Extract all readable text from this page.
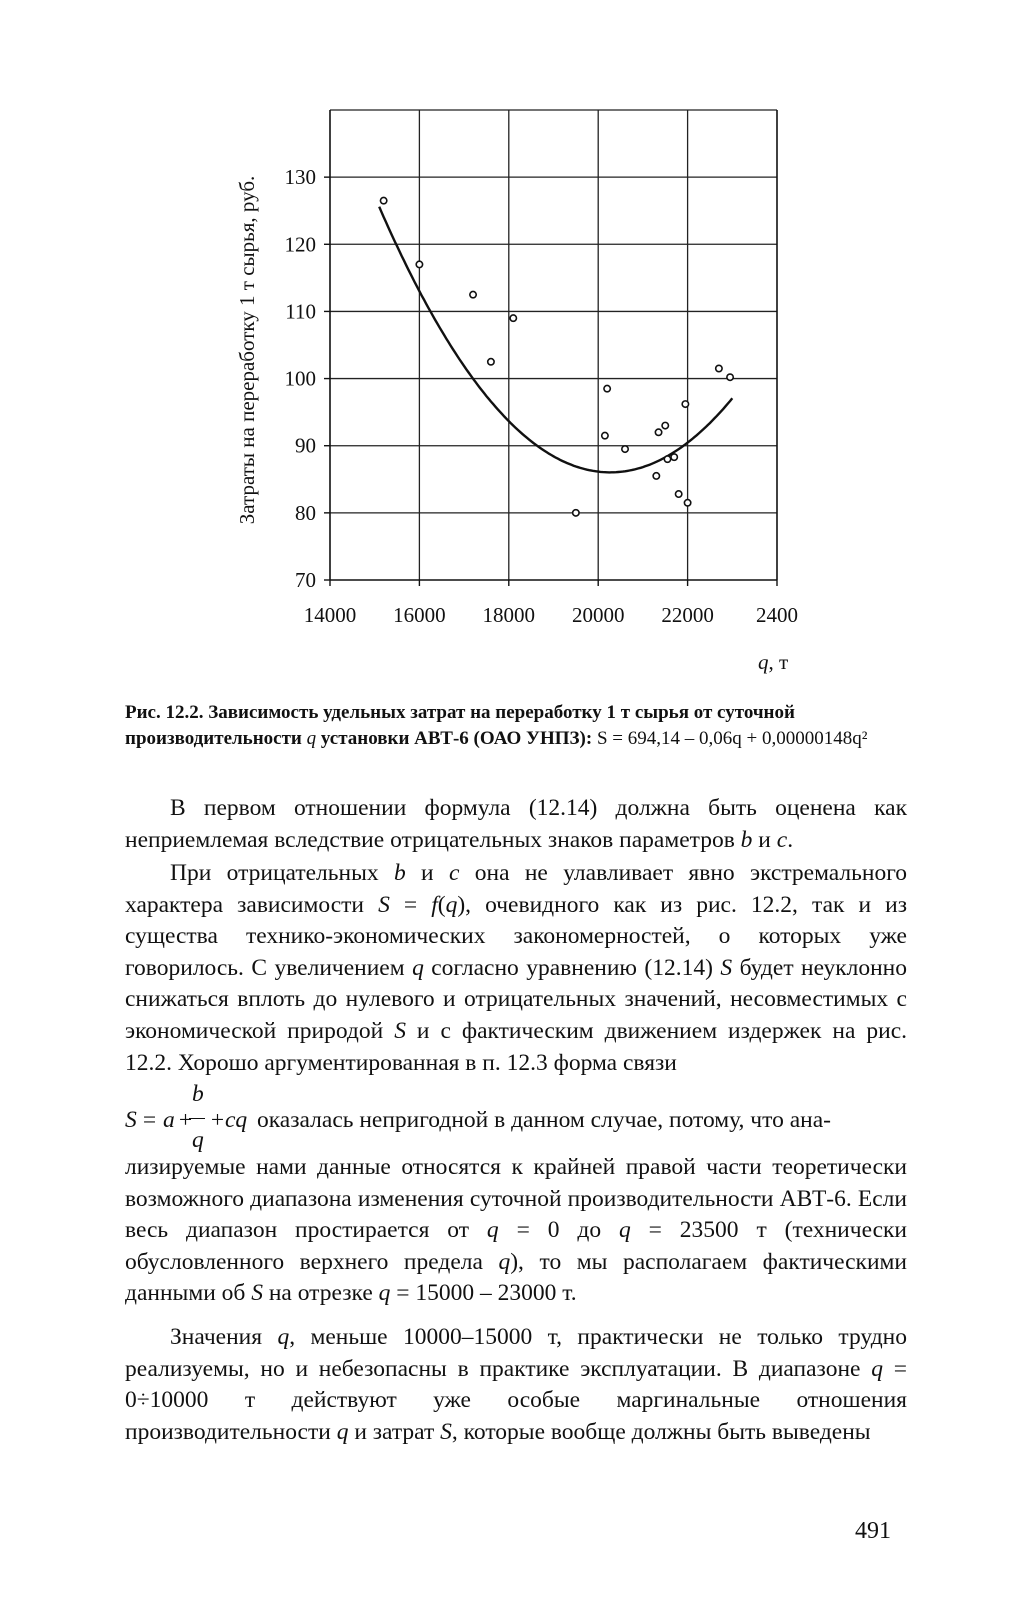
70
80
90
100
110
120
130
14000 16000 18000 20000 22000 2400
Затраты на переработку 1 т сырья, руб.
q, т
Рис. 12.2. Зависимость удельных затрат на переработку 1 т сырья от суточной производительности q установки АВТ-6 (ОАО УНПЗ): S = 694,14 – 0,06q + 0,00000148q²

В первом отношении формула (12.14) должна быть оценена как неприемлемая вследствие отрицательных знаков параметров b и c.

При отрицательных b и c она не улавливает явно экстремального характера зависимости S = f(q), очевидного как из рис. 12.2, так и из существа технико-экономических закономерностей, о которых уже говорилось. С увеличением q согласно уравнению (12.14) S будет неуклонно снижаться вплоть до нулевого и отрицательных значений, несовместимых с экономической природой S и с фактическим движением издержек на рис. 12.2. Хорошо аргументированная в п. 12.3 форма связи

S = a
+
b
q
+
cq оказалась непригодной в данном случае, потому, что ана-

лизируемые нами данные относятся к крайней правой части теоретически возможного диапазона изменения суточной производительности АВТ-6. Если весь диапазон простирается от q = 0 до q = 23500 т (технически обусловленного верхнего предела q), то мы располагаем фактическими данными об S на отрезке q = 15000 – 23000 т.

Значения q, меньше 10000–15000 т, практически не только трудно реализуемы, но и небезопасны в практике эксплуатации. В диапазоне q = 0÷10000 т действуют уже особые маргинальные отношения производительности q и затрат S, которые вообще должны быть выведены

491
